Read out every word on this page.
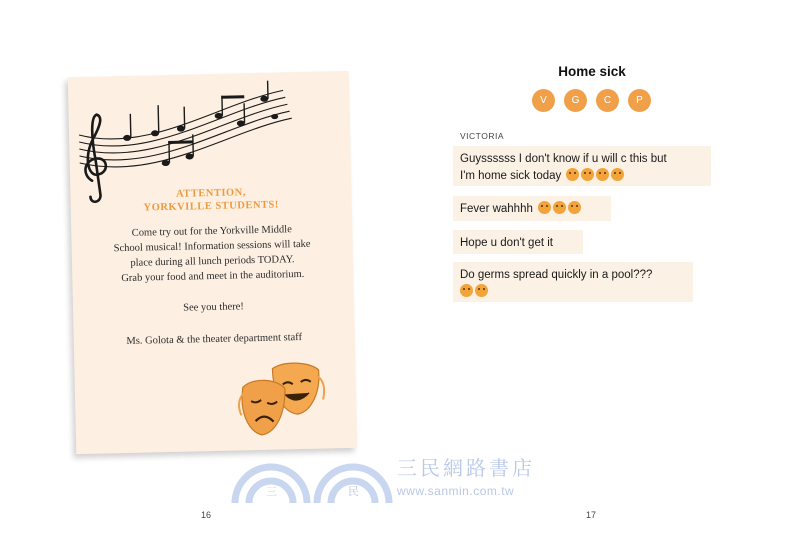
ATTENTION,
YORKVILLE STUDENTS!

Come try out for the Yorkville Middle

School musical! Information sessions will take

place during all lunch periods TODAY.

Grab your food and meet in the auditorium.

See you there!
Ms. Golota & the theater department staff
Home sick
V	G	C	P
VICTORIA
Guyssssss I don't know if u will c this but
I'm home sick today
Fever wahhhh
Hope u don't get it
Do germs spread quickly in a pool???

三	民
三民網路書店
www.sanmin.com.tw
16	17
